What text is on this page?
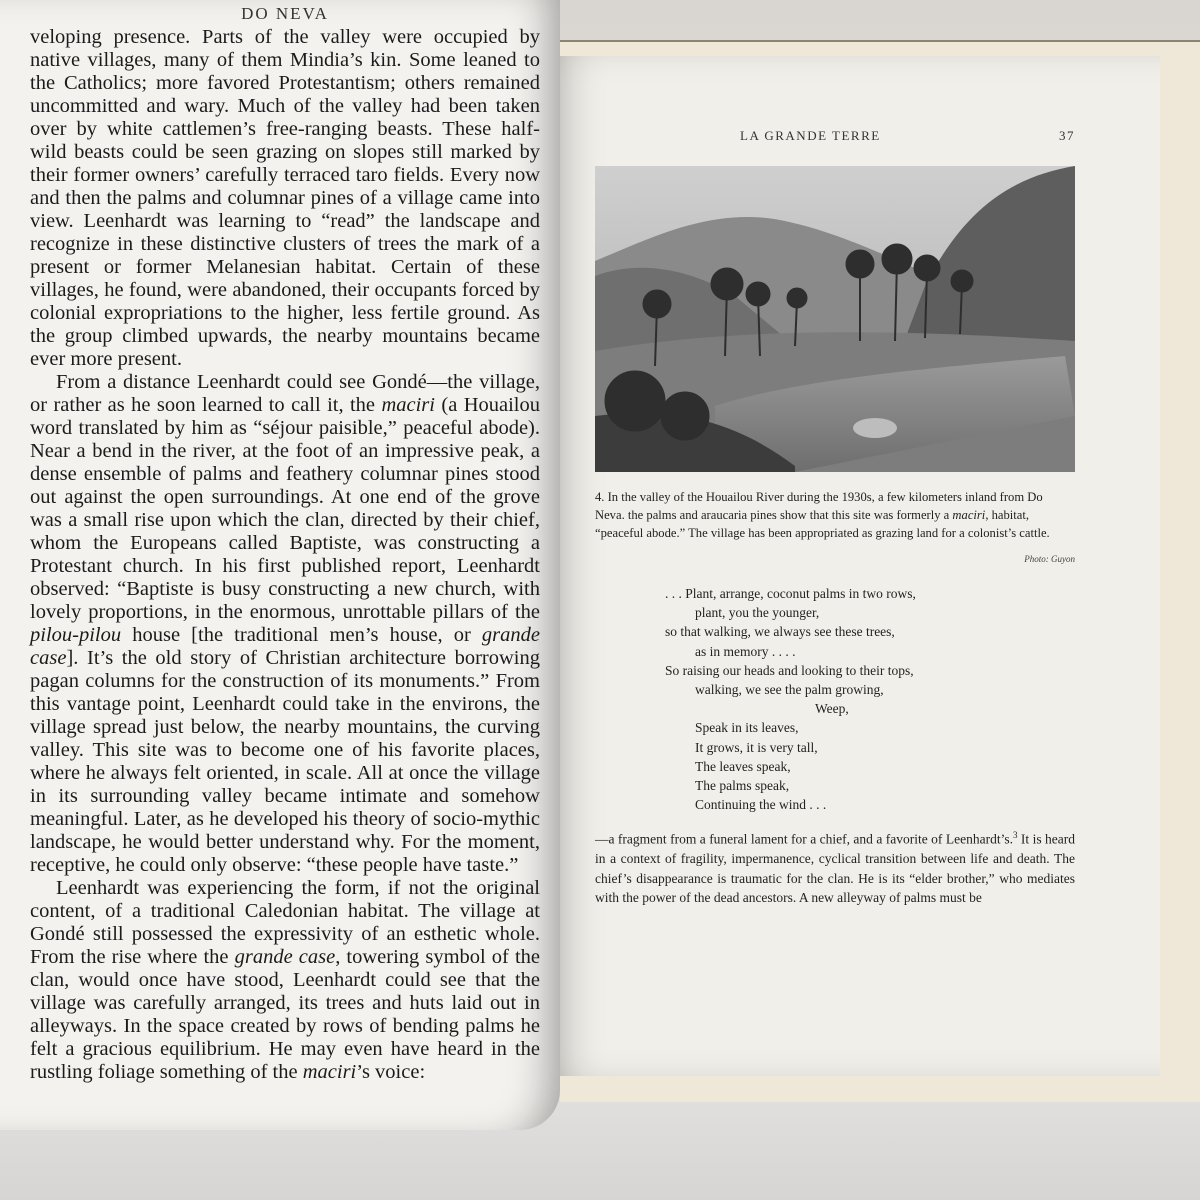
LA GRANDE TERRE	37
4. In the valley of the Houailou River during the 1930s, a few kilometers inland from Do Neva. the palms and araucaria pines show that this site was formerly a maciri, habitat, “peaceful abode.” The village has been appropriated as grazing land for a colonist’s cattle.
Photo: Guyon
. . . Plant, arrange, coconut palms in two rows,
plant, you the younger,
so that walking, we always see these trees,
as in memory . . . .
So raising our heads and looking to their tops,
walking, we see the palm growing,
Weep,
Speak in its leaves,
It grows, it is very tall,
The leaves speak,
The palms speak,
Continuing the wind . . .
—a fragment from a funeral lament for a chief, and a favorite of Leenhardt’s.$^3$ It is heard in a context of fragility, impermanence, cyclical transition between life and death. The chief’s disappearance is traumatic for the clan. He is its “elder brother,” who mediates with the power of the dead ancestors. A new alleyway of palms must be
DO NEVA

veloping presence. Parts of the valley were occupied by native villages, many of them Mindia’s kin. Some leaned to the Catholics; more favored Protestantism; others remained uncommitted and wary. Much of the valley had been taken over by white cattlemen’s free-ranging beasts. These half-wild beasts could be seen grazing on slopes still marked by their former owners’ carefully terraced taro fields. Every now and then the palms and columnar pines of a village came into view. Leenhardt was learning to “read” the landscape and recognize in these distinctive clusters of trees the mark of a present or former Melanesian habitat. Certain of these villages, he found, were abandoned, their occupants forced by colonial expropriations to the higher, less fertile ground. As the group climbed upwards, the nearby mountains became ever more present.

From a distance Leenhardt could see Gondé—the village, or rather as he soon learned to call it, the maciri (a Houailou word translated by him as “séjour paisible,” peaceful abode). Near a bend in the river, at the foot of an impressive peak, a dense ensemble of palms and feathery columnar pines stood out against the open surroundings. At one end of the grove was a small rise upon which the clan, directed by their chief, whom the Europeans called Baptiste, was constructing a Protestant church. In his first published report, Leenhardt observed: “Baptiste is busy constructing a new church, with lovely proportions, in the enormous, unrottable pillars of the pilou-pilou house [the traditional men’s house, or grande case]. It’s the old story of Christian architecture borrowing pagan columns for the construction of its monuments.” From this vantage point, Leenhardt could take in the environs, the village spread just below, the nearby mountains, the curving valley. This site was to become one of his favorite places, where he always felt oriented, in scale. All at once the village in its surrounding valley became intimate and somehow meaningful. Later, as he developed his theory of socio-mythic landscape, he would better understand why. For the moment, receptive, he could only observe: “these people have taste.”

Leenhardt was experiencing the form, if not the original content, of a traditional Caledonian habitat. The village at Gondé still possessed the expressivity of an esthetic whole. From the rise where the grande case, towering symbol of the clan, would once have stood, Leenhardt could see that the village was carefully arranged, its trees and huts laid out in alleyways. In the space created by rows of bending palms he felt a gracious equilibrium. He may even have heard in the rustling foliage something of the maciri’s voice:
